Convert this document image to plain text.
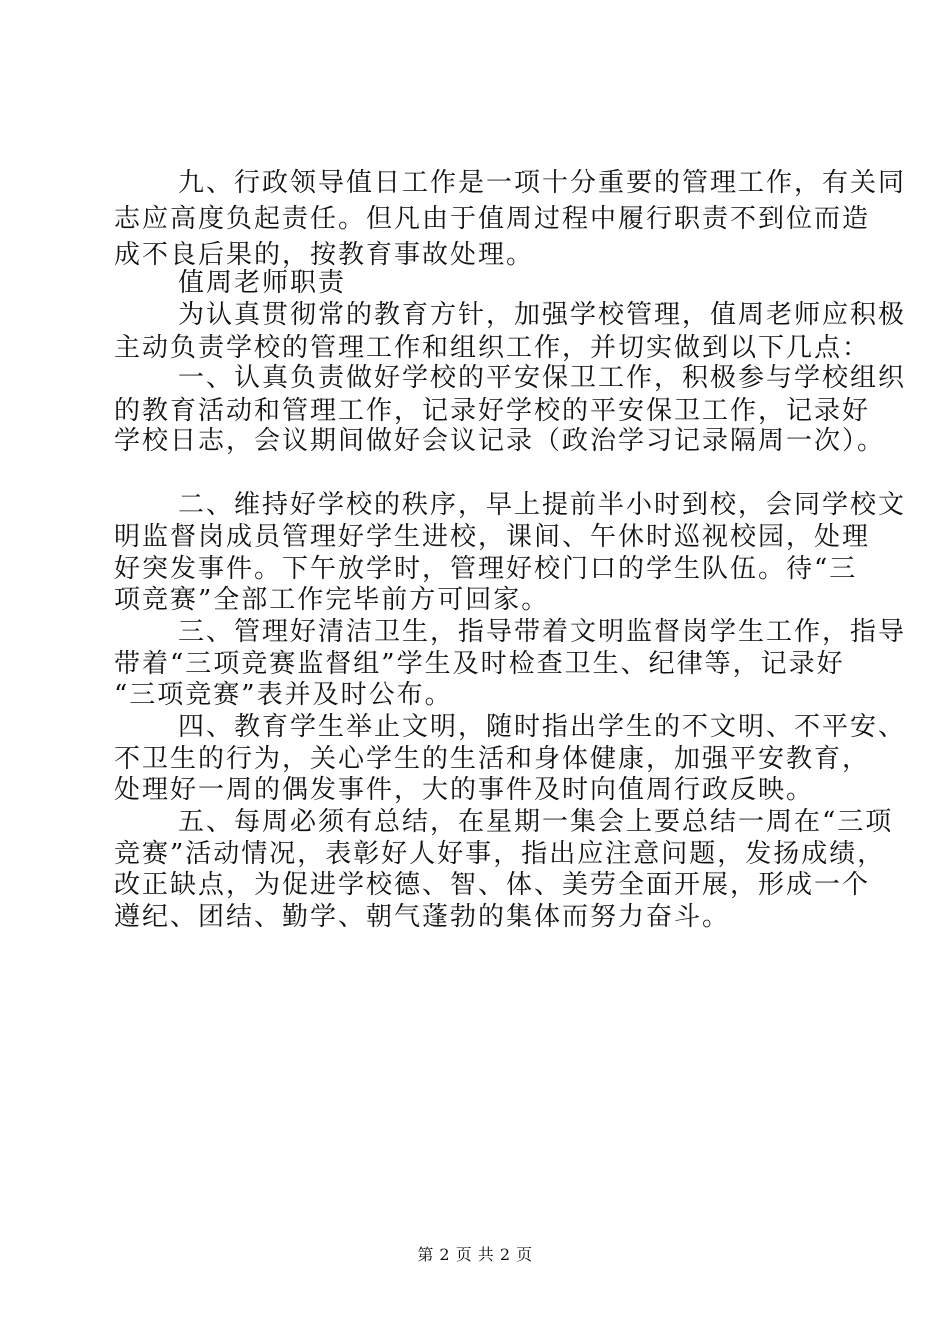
九、行政领导值日工作是一项十分重要的管理工作，有关同
志应高度负起责任。但凡由于值周过程中履行职责不到位而造
成不良后果的，按教育事故处理。
值周老师职责
为认真贯彻常的教育方针，加强学校管理，值周老师应积极
主动负责学校的管理工作和组织工作，并切实做到以下几点：
一、认真负责做好学校的平安保卫工作，积极参与学校组织
的教育活动和管理工作，记录好学校的平安保卫工作，记录好
学校日志，会议期间做好会议记录（政治学习记录隔周一次）。
二、维持好学校的秩序，早上提前半小时到校，会同学校文
明监督岗成员管理好学生进校，课间、午休时巡视校园，处理
好突发事件。下午放学时，管理好校门口的学生队伍。待“三
项竞赛”全部工作完毕前方可回家。
三、管理好清洁卫生，指导带着文明监督岗学生工作，指导
带着“三项竞赛监督组”学生及时检查卫生、纪律等，记录好
“三项竞赛”表并及时公布。
四、教育学生举止文明，随时指出学生的不文明、不平安、
不卫生的行为，关心学生的生活和身体健康，加强平安教育，
处理好一周的偶发事件，大的事件及时向值周行政反映。
五、每周必须有总结，在星期一集会上要总结一周在“三项
竞赛”活动情况，表彰好人好事，指出应注意问题，发扬成绩，
改正缺点，为促进学校德、智、体、美劳全面开展，形成一个
遵纪、团结、勤学、朝气蓬勃的集体而努力奋斗。
第 2 页 共 2 页
